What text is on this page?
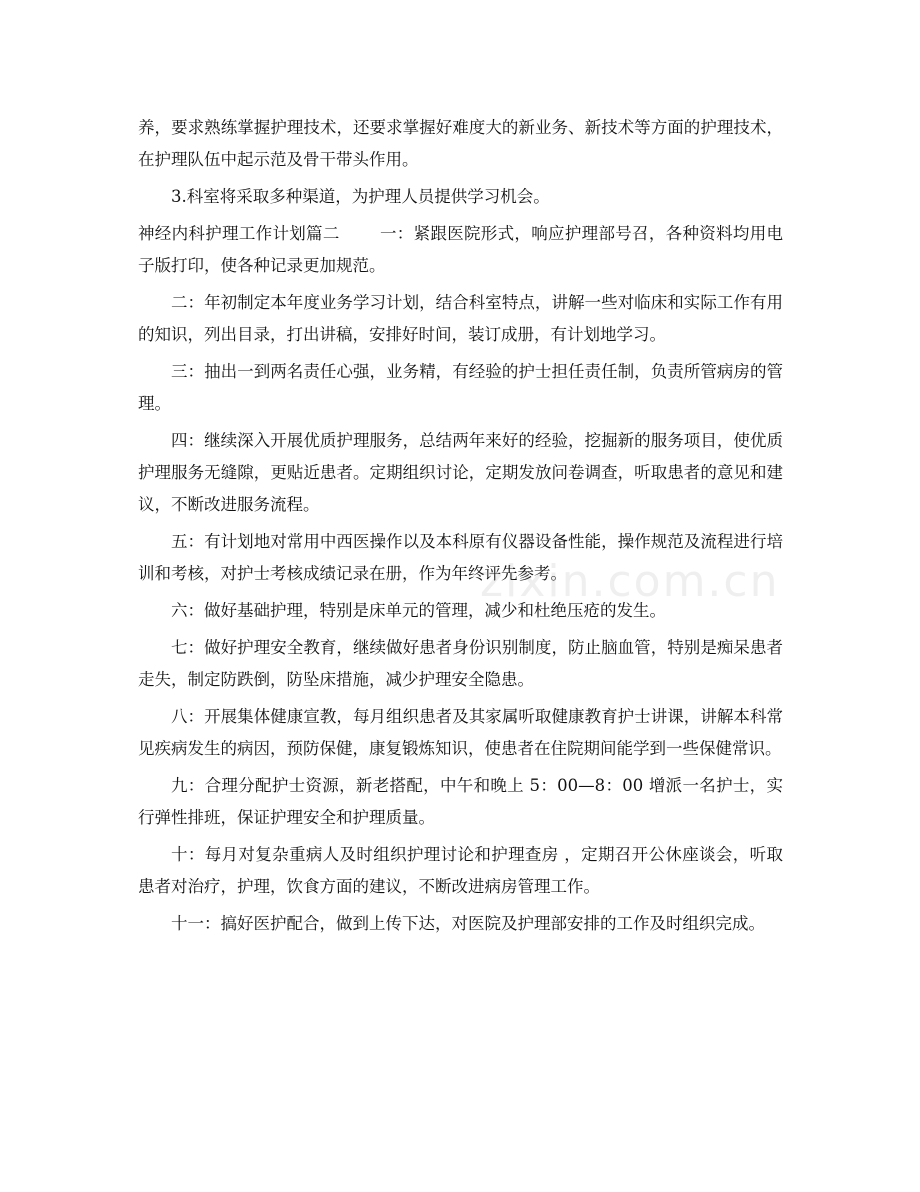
养，要求熟练掌握护理技术，还要求掌握好难度大的新业务、新技术等方面的护理技术，在护理队伍中起示范及骨干带头作用。

3.科室将采取多种渠道，为护理人员提供学习机会。

神经内科护理工作计划篇二 一：紧跟医院形式，响应护理部号召，各种资料均用电子版打印，使各种记录更加规范。

二：年初制定本年度业务学习计划，结合科室特点，讲解一些对临床和实际工作有用的知识，列出目录，打出讲稿，安排好时间，装订成册，有计划地学习。

三：抽出一到两名责任心强，业务精，有经验的护士担任责任制，负责所管病房的管理。

四：继续深入开展优质护理服务，总结两年来好的经验，挖掘新的服务项目，使优质护理服务无缝隙，更贴近患者。定期组织讨论，定期发放问卷调查，听取患者的意见和建议，不断改进服务流程。

五：有计划地对常用中西医操作以及本科原有仪器设备性能，操作规范及流程进行培训和考核，对护士考核成绩记录在册，作为年终评先参考。

六：做好基础护理，特别是床单元的管理，减少和杜绝压疮的发生。

七：做好护理安全教育，继续做好患者身份识别制度，防止脑血管，特别是痴呆患者走失，制定防跌倒，防坠床措施，减少护理安全隐患。

八：开展集体健康宣教，每月组织患者及其家属听取健康教育护士讲课，讲解本科常见疾病发生的病因，预防保健，康复锻炼知识，使患者在住院期间能学到一些保健常识。

九：合理分配护士资源，新老搭配，中午和晚上 5：00—8：00 增派一名护士，实行弹性排班，保证护理安全和护理质量。

十：每月对复杂重病人及时组织护理讨论和护理查房 ，定期召开公休座谈会，听取患者对治疗，护理，饮食方面的建议，不断改进病房管理工作。

十一：搞好医护配合，做到上传下达，对医院及护理部安排的工作及时组织完成。

zixin.com.cn
